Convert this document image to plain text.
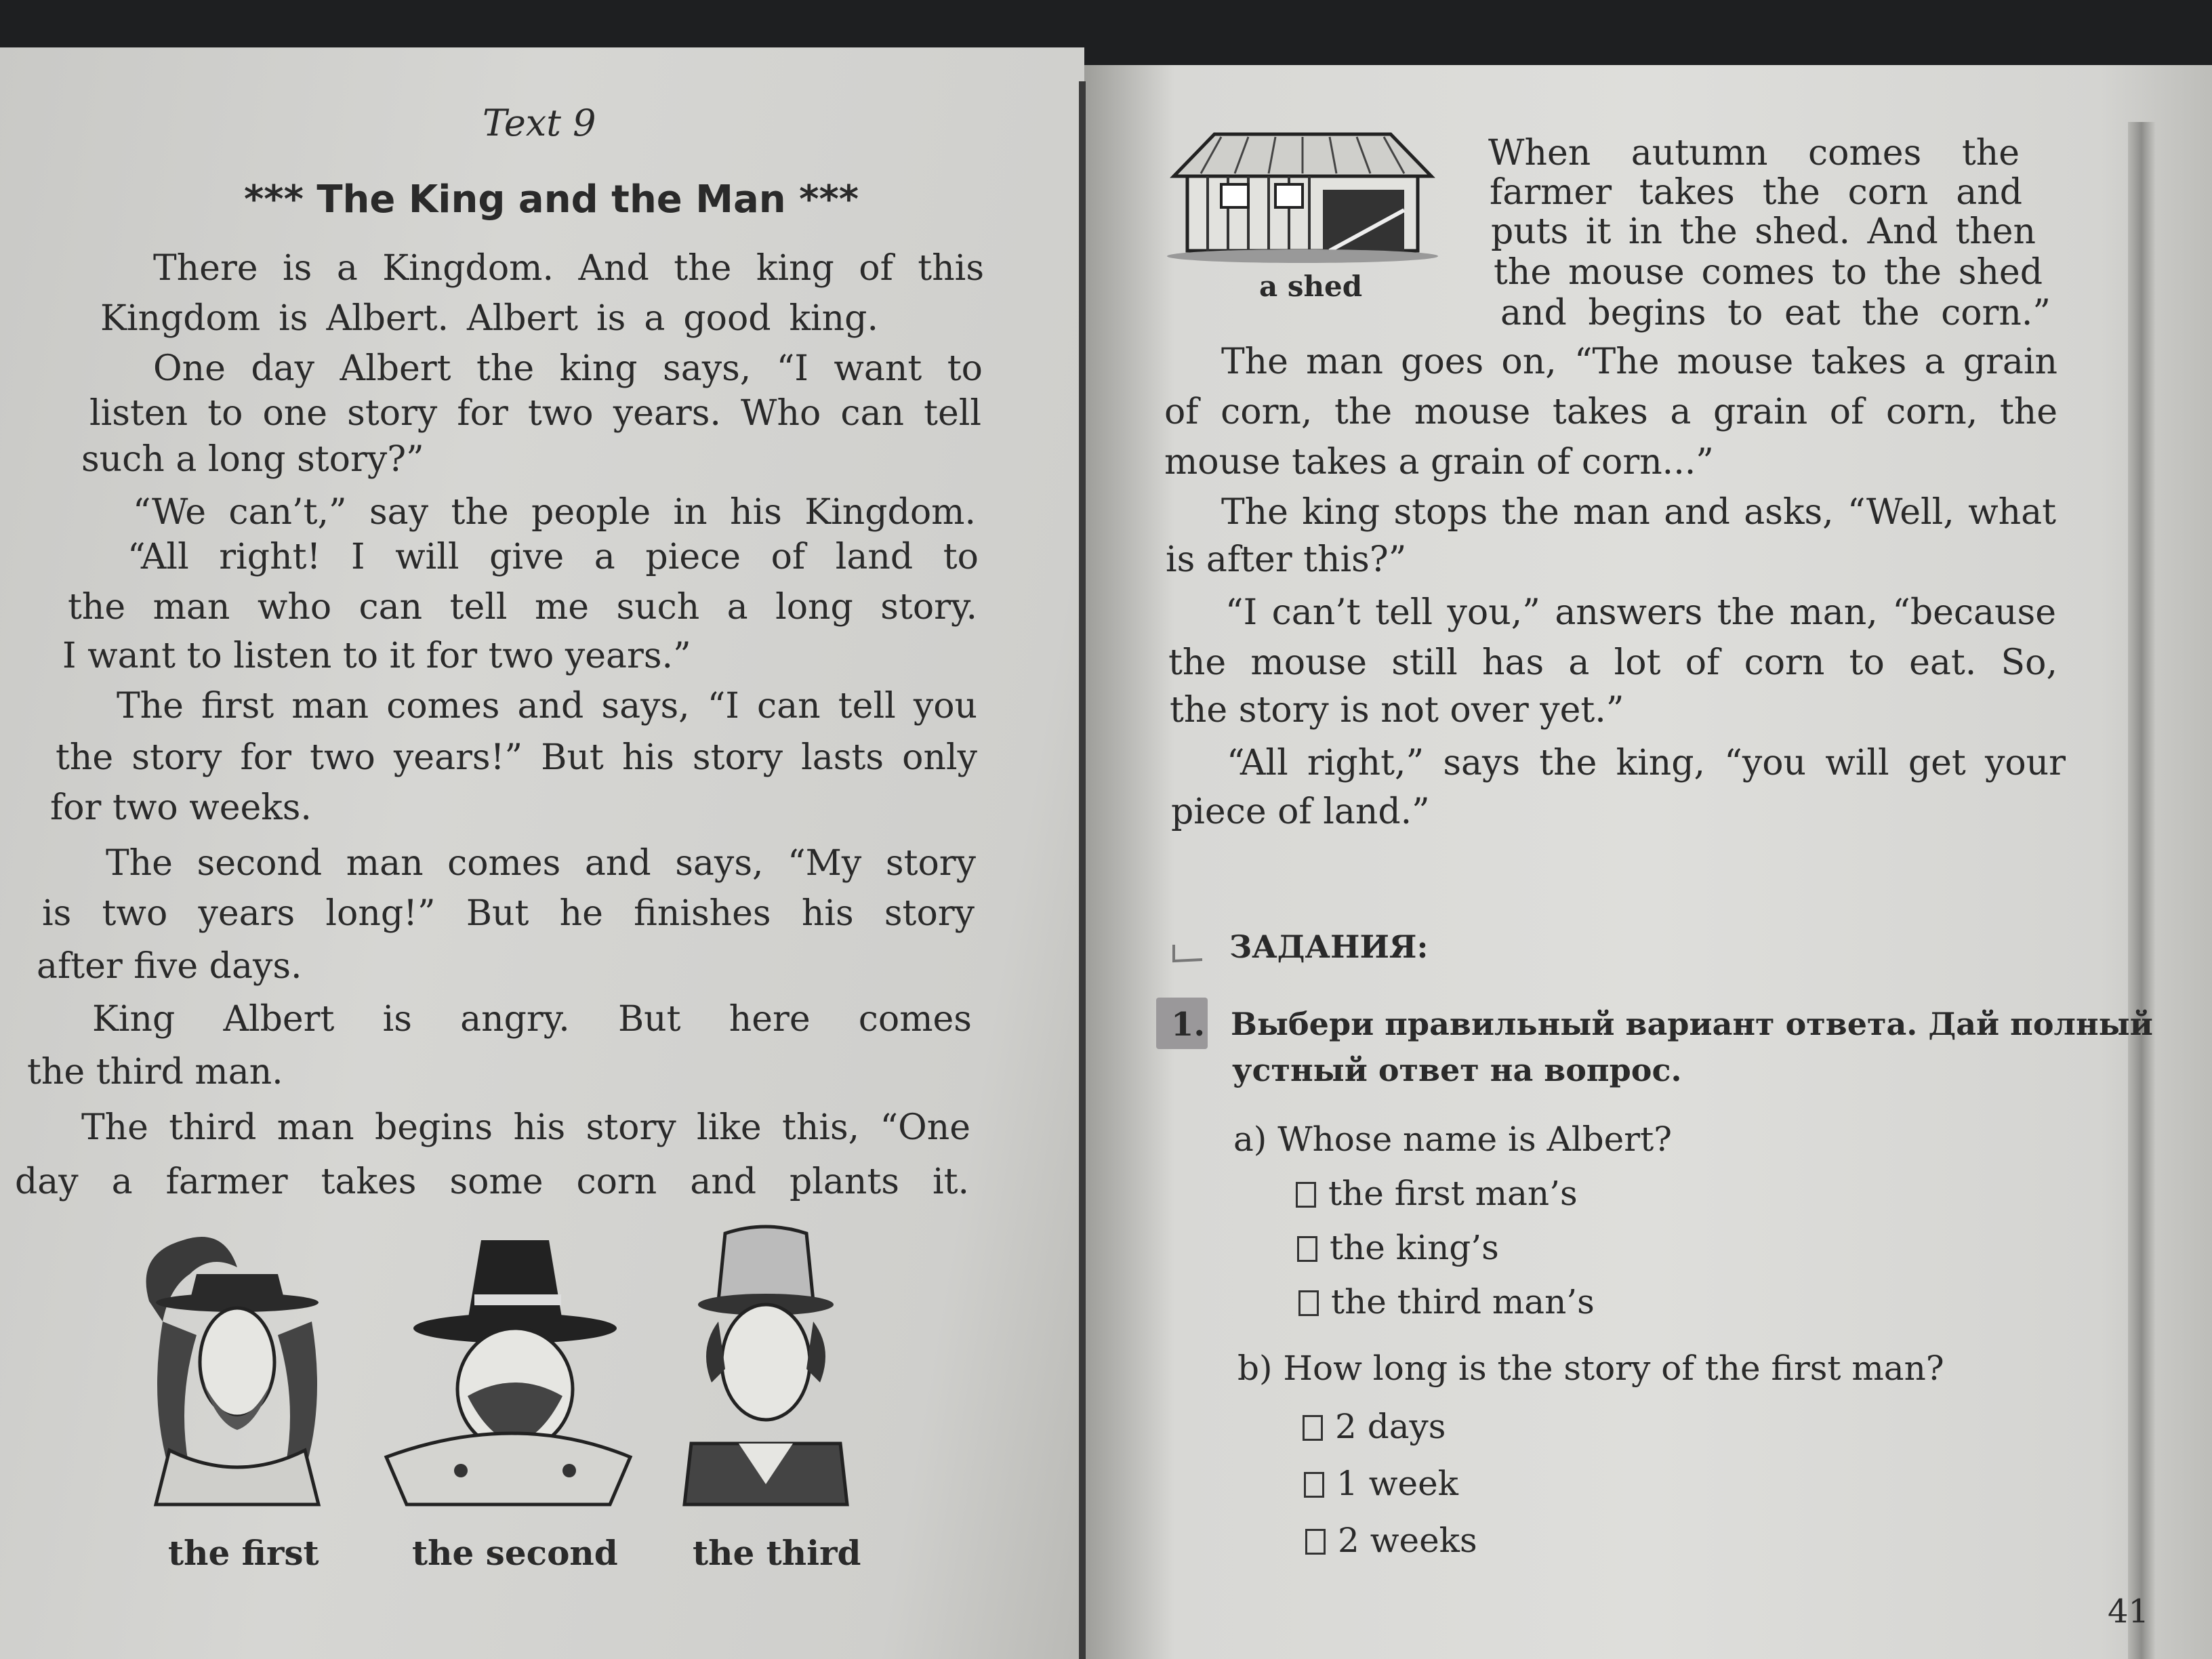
Text 9
*** The King and the Man ***
There is a Kingdom. And the king of this
Kingdom is Albert. Albert is a good king.
One day Albert the king says, “I want to
listen to one story for two years. Who can tell
such a long story?”
“We can’t,” say the people in his Kingdom.
“All right! I will give a piece of land to
the man who can tell me such a long story.
I want to listen to it for two years.”
The first man comes and says, “I can tell you
the story for two years!” But his story lasts only
for two weeks.
The second man comes and says, “My story
is two years long!” But he finishes his story
after five days.
King Albert is angry. But here comes
the third man.
The third man begins his story like this, “One
day a farmer takes some corn and plants it.
the first	the second the third
a shed
When autumn comes the
farmer takes the corn and
puts it in the shed. And then
the mouse comes to the shed
and begins to eat the corn.”
The man goes on, “The mouse takes a grain
of corn, the mouse takes a grain of corn, the
mouse takes a grain of corn...”
The king stops the man and asks, “Well, what
is after this?”
“I can’t tell you,” answers the man, “because
the mouse still has a lot of corn to eat. So,
the story is not over yet.”
“All right,” says the king, “you will get your
piece of land.”
ЗАДАНИЯ:
1. Выбери правильный вариант ответа. Дай полный
устный ответ на вопрос.
a) Whose name is Albert?
the first man’s
the king’s
the third man’s
b) How long is the story of the first man?
2 days
1 week
2 weeks
41
